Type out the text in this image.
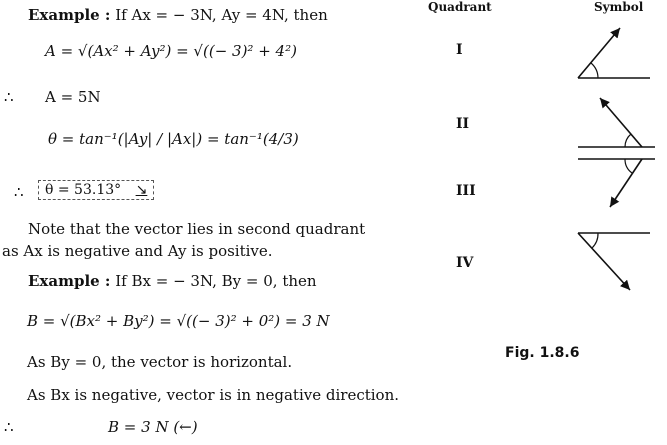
Example : If Ax = − 3N, Ay = 4N, then
A = √(Ax² + Ay²) = √((− 3)² + 4²)
∴ A = 5N
θ = tan⁻¹(|Ay| / |Ax|) = tan⁻¹(4/3)
∴	θ = 53.13° ↘
Note that the vector lies in second quadrant
as Ax is negative and Ay is positive.
Example : If Bx = − 3N, By = 0, then
B = √(Bx² + By²) = √((− 3)² + 0²) = 3 N
As By = 0, the vector is horizontal.
As Bx is negative, vector is in negative direction.
∴	B = 3 N (←)
Quadrant	Symbol
I
II
III
IV
Fig. 1.8.6
